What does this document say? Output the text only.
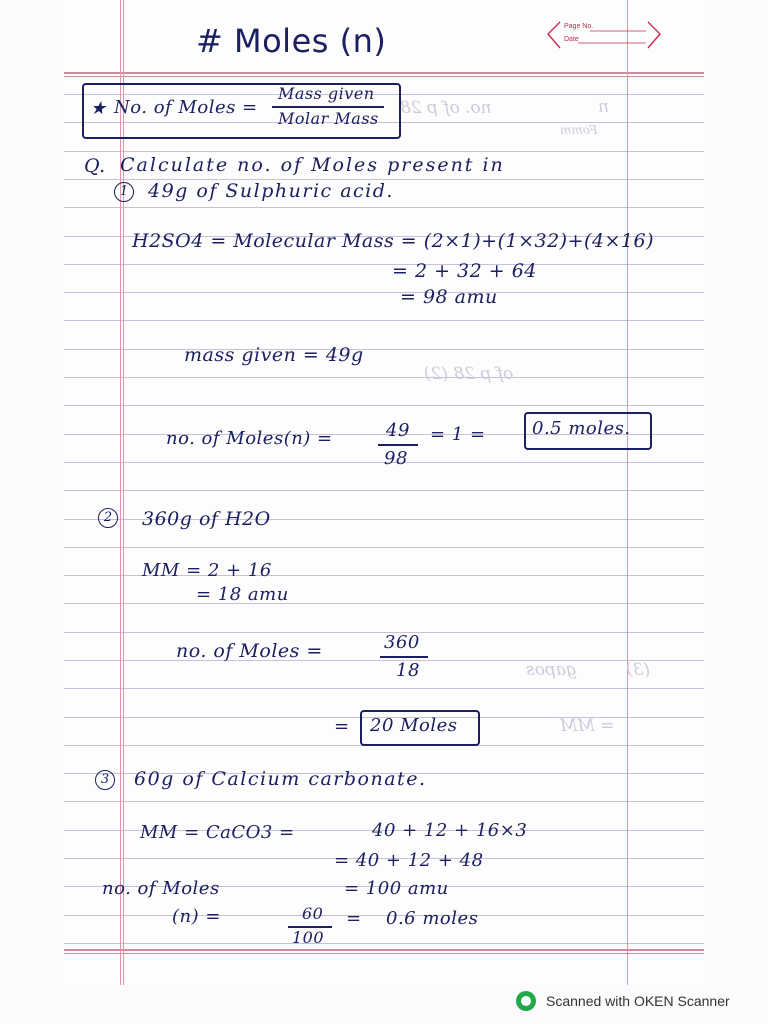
Page No.
Date
# Moles (n)
★ No. of Moles =
Mass given
Molar Mass
Q. Calculate no. of Moles present in
1	49g of Sulphuric acid.
H2SO4 = Molecular Mass = (2×1)+(1×32)+(4×16)
= 2 + 32 + 64
= 98 amu
mass given = 49g
no. of Moles(n) =	49
98
= 1 =	0.5 moles.
2	360g of H2O
MM = 2 + 16
= 18 amu
no. of Moles =	360
18
= 20 Moles
3	60g of Calcium carbonate.
MM = CaCO3 =	40 + 12 + 16×3
= 40 + 12 + 48
no. of Moles	= 100 amu
(n) =	60
100
= 0.6 moles
no. of p 28	n
Fomm
of p 28 (2)
(3)
gapos
= MM
Scanned with OKEN Scanner
